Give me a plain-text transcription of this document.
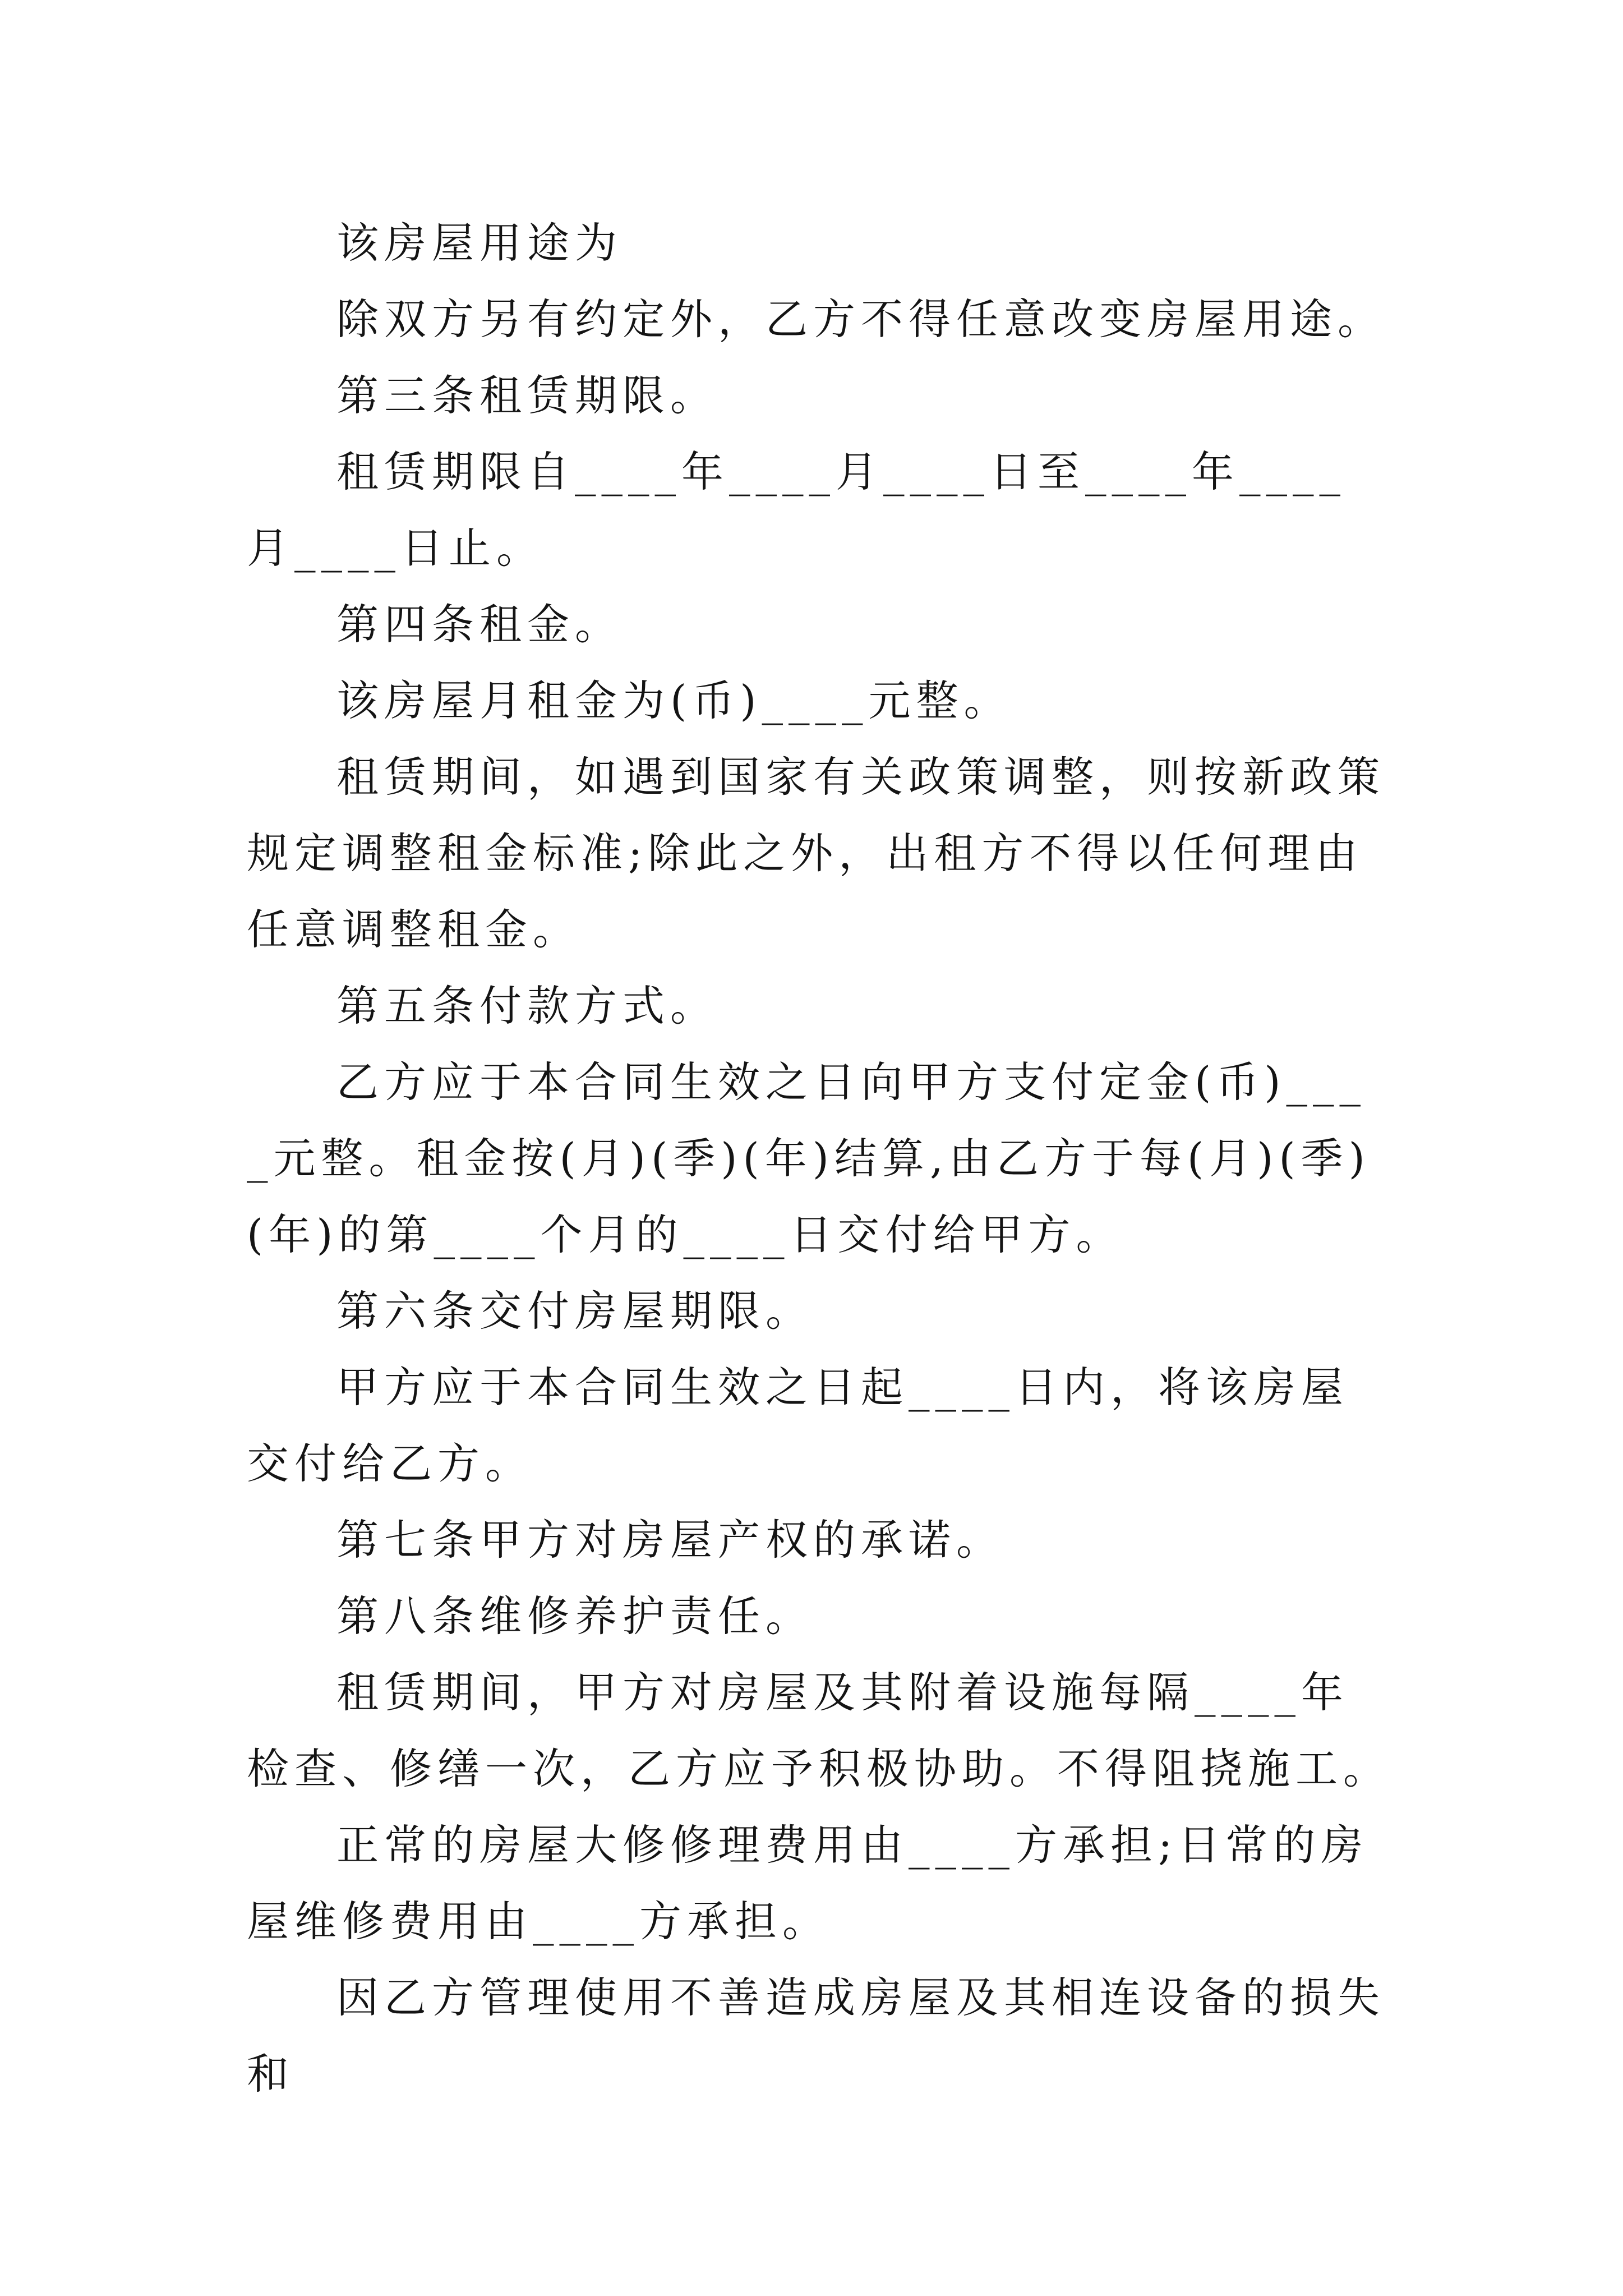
该房屋用途为

除双方另有约定外，乙方不得任意改变房屋用途。

第三条租赁期限。

租赁期限自____年____月____日至____年____月____日止。

第四条租金。

该房屋月租金为(币)____元整。

租赁期间，如遇到国家有关政策调整，则按新政策规定调整租金标准;除此之外，出租方不得以任何理由任意调整租金。

第五条付款方式。

乙方应于本合同生效之日向甲方支付定金(币)____元整。租金按(月)(季)(年)结算,由乙方于每(月)(季)(年)的第____个月的____日交付给甲方。

第六条交付房屋期限。

甲方应于本合同生效之日起____日内，将该房屋交付给乙方。

第七条甲方对房屋产权的承诺。

第八条维修养护责任。

租赁期间，甲方对房屋及其附着设施每隔____年检查、修缮一次，乙方应予积极协助。不得阻挠施工。

正常的房屋大修修理费用由____方承担;日常的房屋维修费用由____方承担。

因乙方管理使用不善造成房屋及其相连设备的损失和
